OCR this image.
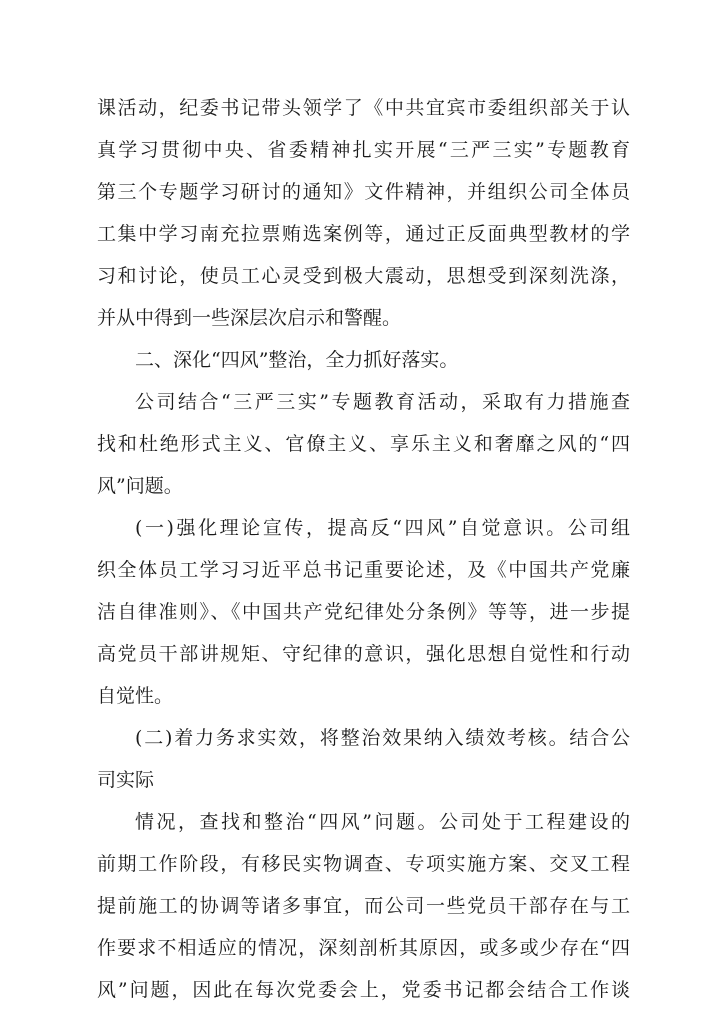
课活动，纪委书记带头领学了《中共宜宾市委组织部关于认
真学习贯彻中央、省委精神扎实开展“三严三实”专题教育
第三个专题学习研讨的通知》文件精神，并组织公司全体员
工集中学习南充拉票贿选案例等，通过正反面典型教材的学
习和讨论，使员工心灵受到极大震动，思想受到深刻洗涤，
并从中得到一些深层次启示和警醒。
二、深化“四风”整治，全力抓好落实。
公司结合“三严三实”专题教育活动，采取有力措施查
找和杜绝形式主义、官僚主义、享乐主义和奢靡之风的“四
风”问题。
(一)强化理论宣传，提高反“四风”自觉意识。公司组
织全体员工学习习近平总书记重要论述，及《中国共产党廉
洁自律准则》、《中国共产党纪律处分条例》等等，进一步提
高党员干部讲规矩、守纪律的意识，强化思想自觉性和行动
自觉性。
(二)着力务求实效，将整治效果纳入绩效考核。结合公
司实际
情况，查找和整治“四风”问题。公司处于工程建设的
前期工作阶段，有移民实物调查、专项实施方案、交叉工程
提前施工的协调等诸多事宜，而公司一些党员干部存在与工
作要求不相适应的情况，深刻剖析其原因，或多或少存在“四
风”问题，因此在每次党委会上，党委书记都会结合工作谈
